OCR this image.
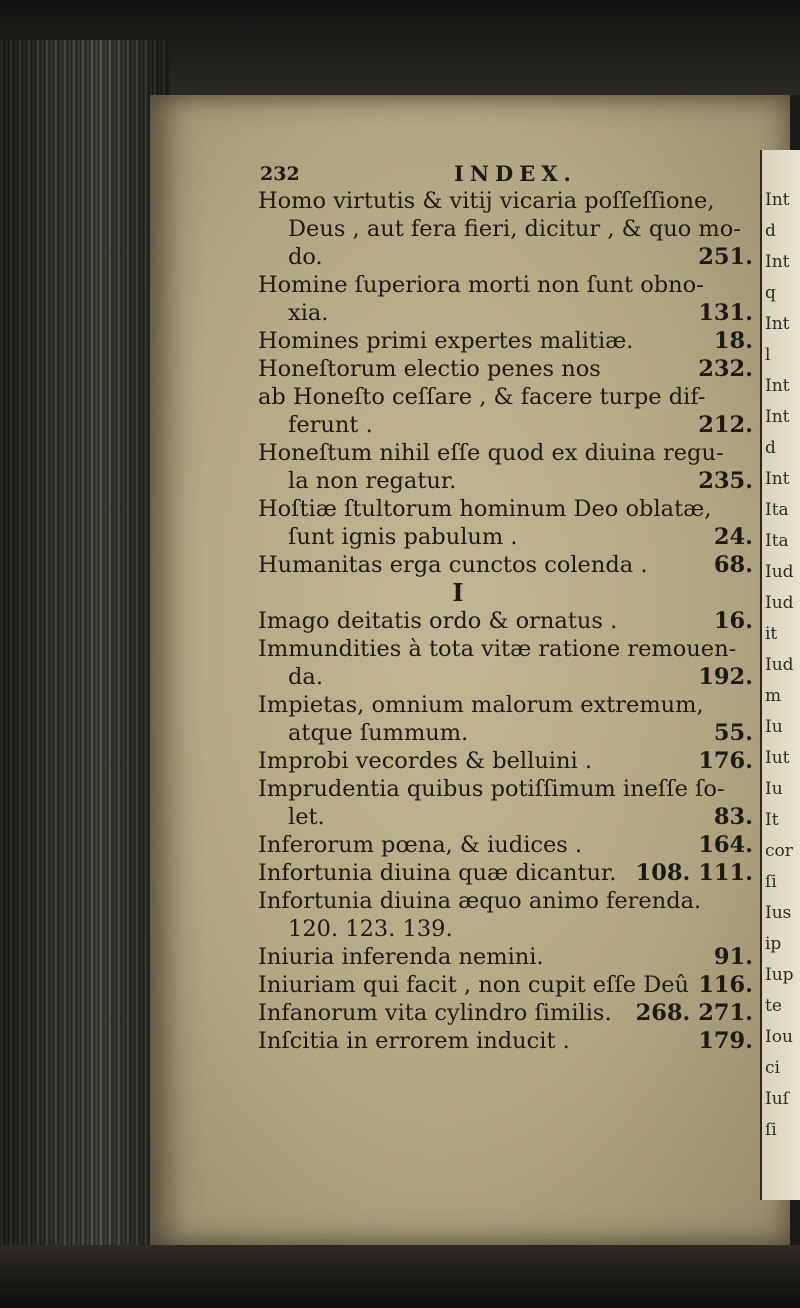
232	INDEX.
Homo virtutis & vitij vicaria poſſeſſione,
Deus , aut fera fieri, dicitur , & quo mo-
do.	251.
Homine ſuperiora morti non ſunt obno-
xia.	131.
Homines primi expertes malitiæ.	18.
Honeſtorum electio penes nos	232.
ab Honeſto ceſſare , & facere turpe dif-
ferunt .	212.
Honeſtum nihil eſſe quod ex diuina regu-
la non regatur.	235.
Hoſtiæ ſtultorum hominum Deo oblatæ,
ſunt ignis pabulum .	24.
Humanitas erga cunctos colenda .	68.
I
Imago deitatis ordo & ornatus .	16.
Immundities à tota vitæ ratione remouen-
da.	192.
Impietas, omnium malorum extremum,
atque ſummum.	55.
Improbi vecordes & belluini .	176.
Imprudentia quibus potiſſimum ineſſe ſo-
let.	83.
Inferorum pœna, & iudices .	164.
Infortunia diuina quæ dicantur. 108. 111.
Infortunia diuina æquo animo ferenda.
120. 123. 139.
Iniuria inferenda nemini.	91.
Iniuriam qui facit , non cupit eſſe Deû 116.
Infanorum vita cylindro ſimilis. 268. 271.
Inſcitia in errorem inducit .	179.
Int
d
Int
q
Int
l
Int
Int
d
Int
Ita
Ita
Iud
Iud
it
Iud
m
Iu
Iut
Iu
It
cor
ſi
Ius
ip
Iup
te
Iou
ci
Iuſ
ſi
